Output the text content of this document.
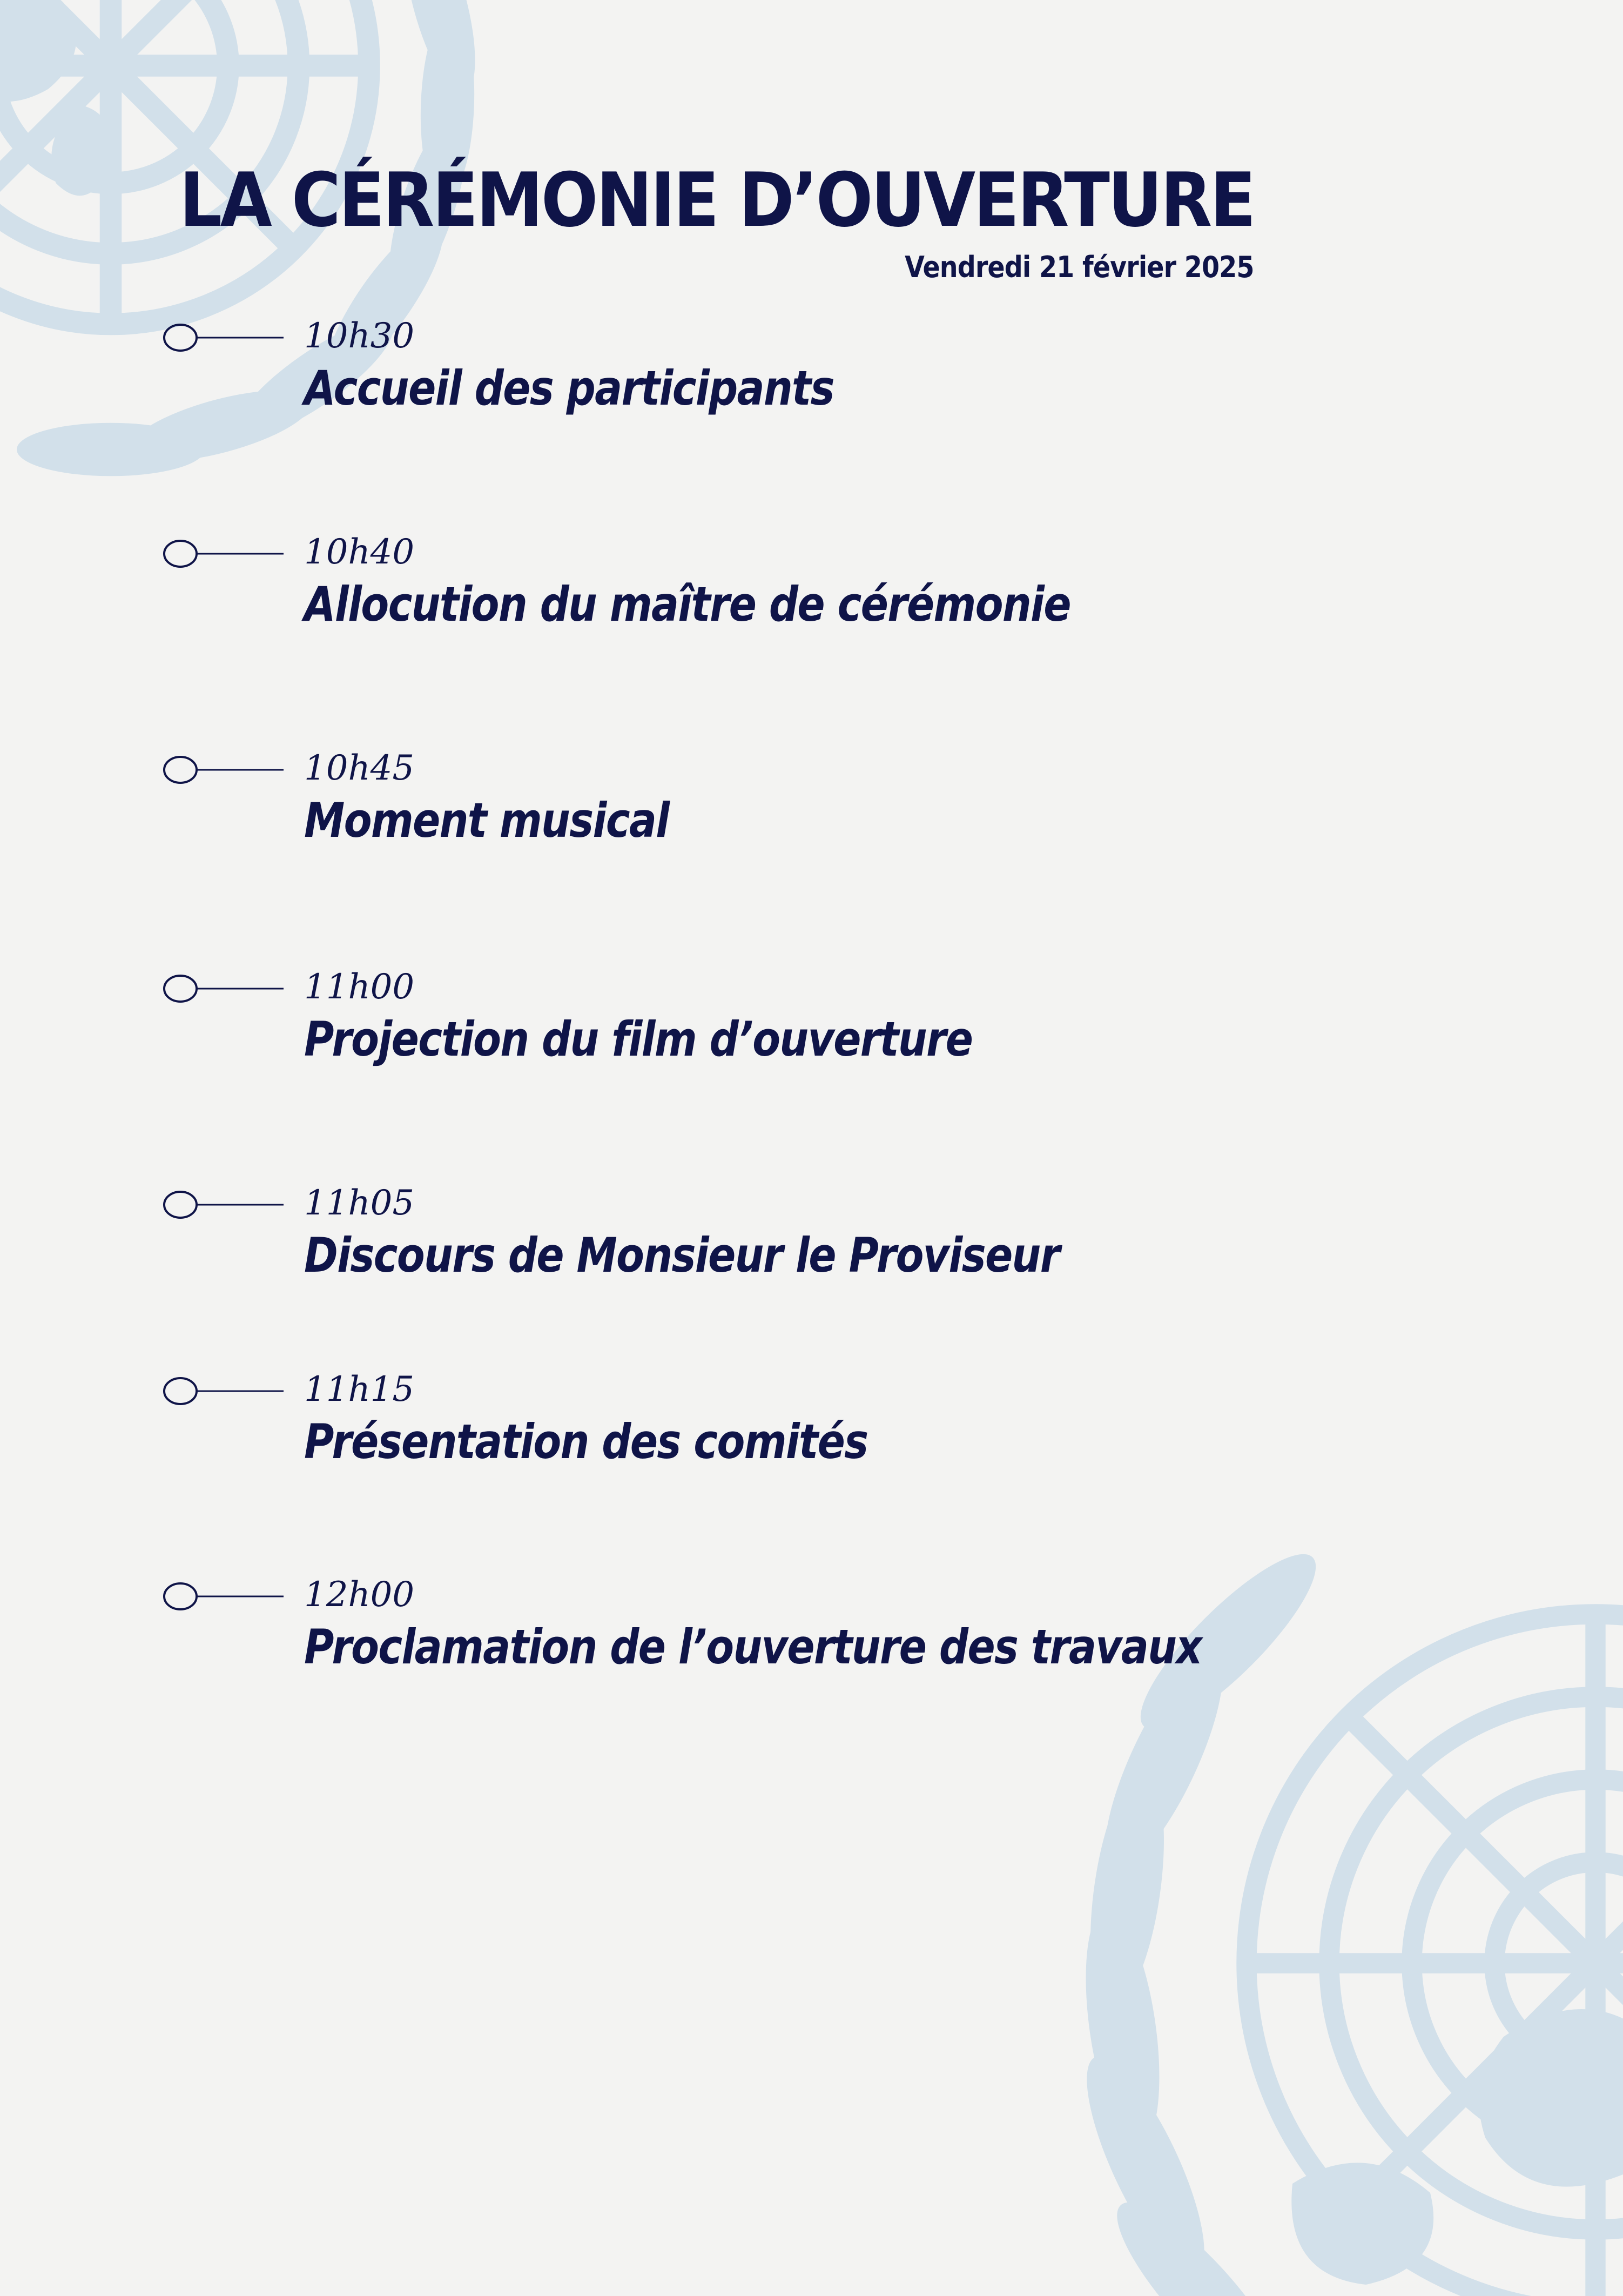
LA CÉRÉMONIE D’OUVERTURE
Vendredi 21 février 2025
10h30
Accueil des participants
10h40
Allocution du maître de cérémonie
10h45
Moment musical
11h00
Projection du film d’ouverture
11h05
Discours de Monsieur le Proviseur
11h15
Présentation des comités
12h00
Proclamation de l’ouverture des travaux
